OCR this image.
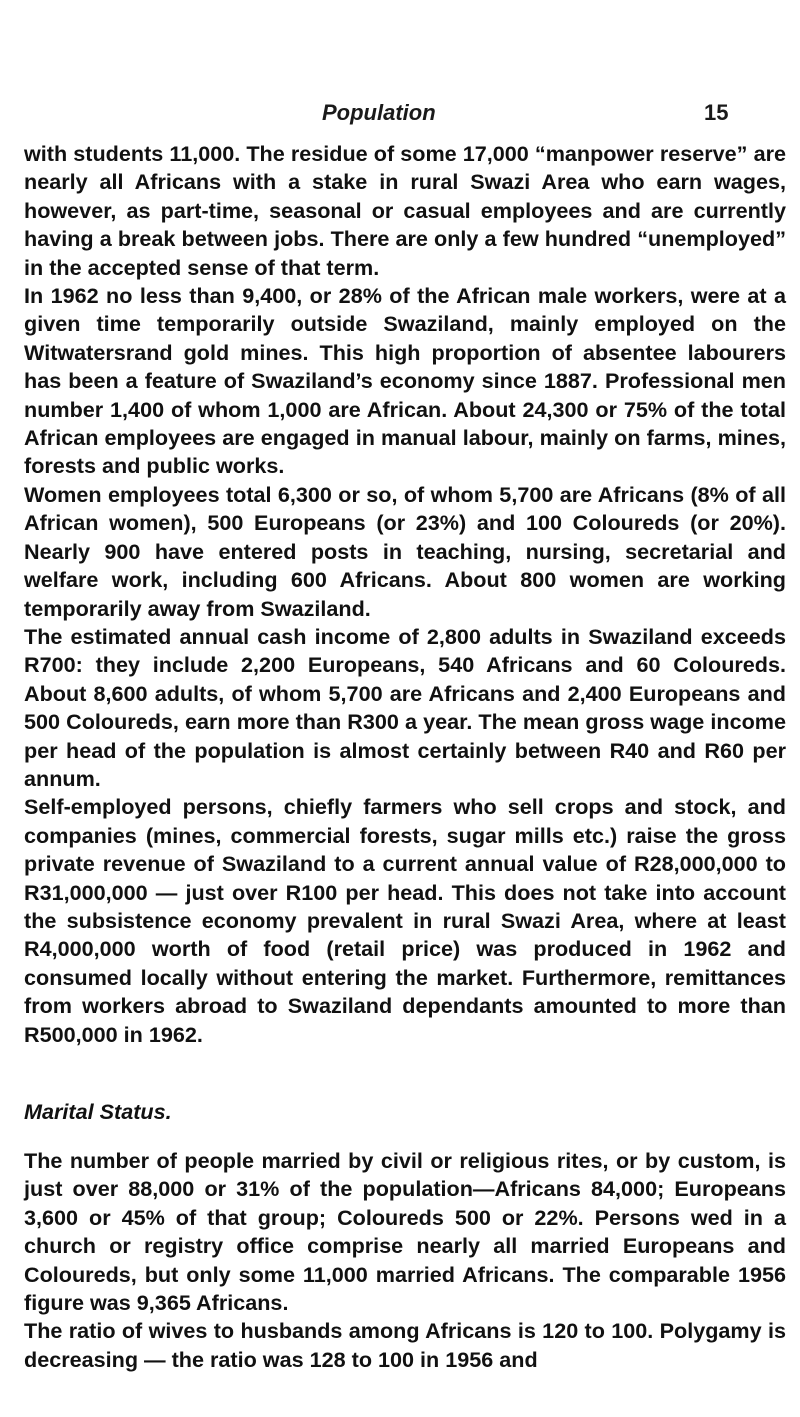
Population	15

with students 11,000. The residue of some 17,000 “manpower reserve” are nearly all Africans with a stake in rural Swazi Area who earn wages, however, as part-time, seasonal or casual employees and are currently having a break between jobs. There are only a few hundred “unemployed” in the accepted sense of that term.

In 1962 no less than 9,400, or 28% of the African male workers, were at a given time temporarily outside Swaziland, mainly employed on the Witwatersrand gold mines. This high proportion of absentee labourers has been a feature of Swaziland’s economy since 1887. Professional men number 1,400 of whom 1,000 are African. About 24,300 or 75% of the total African employees are engaged in manual labour, mainly on farms, mines, forests and public works.

Women employees total 6,300 or so, of whom 5,700 are Africans (8% of all African women), 500 Europeans (or 23%) and 100 Coloureds (or 20%). Nearly 900 have entered posts in teaching, nursing, secretarial and welfare work, including 600 Africans. About 800 women are working temporarily away from Swaziland.

The estimated annual cash income of 2,800 adults in Swaziland exceeds R700: they include 2,200 Europeans, 540 Africans and 60 Coloureds. About 8,600 adults, of whom 5,700 are Africans and 2,400 Europeans and 500 Coloureds, earn more than R300 a year. The mean gross wage income per head of the population is almost certainly between R40 and R60 per annum.

Self-employed persons, chiefly farmers who sell crops and stock, and companies (mines, commercial forests, sugar mills etc.) raise the gross private revenue of Swaziland to a current annual value of R28,000,000 to R31,000,000 — just over R100 per head. This does not take into account the subsistence economy prevalent in rural Swazi Area, where at least R4,000,000 worth of food (retail price) was produced in 1962 and consumed locally without entering the market. Furthermore, remittances from workers abroad to Swaziland dependants amounted to more than R500,000 in 1962.

Marital Status.

The number of people married by civil or religious rites, or by custom, is just over 88,000 or 31% of the population—Africans 84,000; Europeans 3,600 or 45% of that group; Coloureds 500 or 22%. Persons wed in a church or registry office comprise nearly all married Europeans and Coloureds, but only some 11,000 married Africans. The comparable 1956 figure was 9,365 Africans.

The ratio of wives to husbands among Africans is 120 to 100. Polygamy is decreasing — the ratio was 128 to 100 in 1956 and
